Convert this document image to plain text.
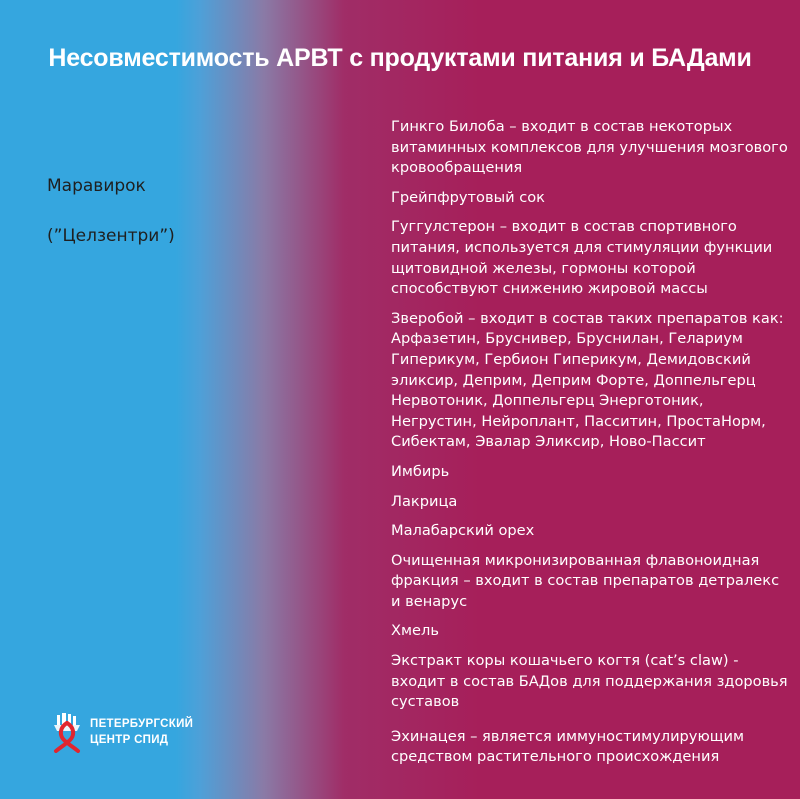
Несовместимость АРВТ с продуктами питания и БАДами
Маравирок
(”Целзентри”)
Гинкго Билоба – входит в состав некоторых витаминных комплексов для улучшения мозгового кровообращения
Грейпфрутовый сок
Гуггулстерон – входит в состав спортивного питания, используется для стимуляции функции щитовидной железы, гормоны которой способствуют снижению жировой массы
Зверобой – входит в состав таких препаратов как: Арфазетин, Бруснивер, Бруснилан, Гелариум Гиперикум, Гербион Гиперикум, Демидовский эликсир, Деприм, Деприм Форте, Доппельгерц Нервотоник, Доппельгерц Энерготоник, Негрустин, Нейроплант, Пасситин, ПростаНорм, Сибектам, Эвалар Эликсир, Ново-Пассит
Имбирь
Лакрица
Малабарский орех
Очищенная микронизированная флавоноидная фракция – входит в состав препаратов детралекс и венарус
Хмель
Экстракт коры кошачьего когтя (cat’s claw) - входит в состав БАДов для поддержания здоровья суставов
Эхинацея – является иммуностимулирующим средством растительного происхождения
ПЕТЕРБУРГСКИЙ
ЦЕНТР СПИД
